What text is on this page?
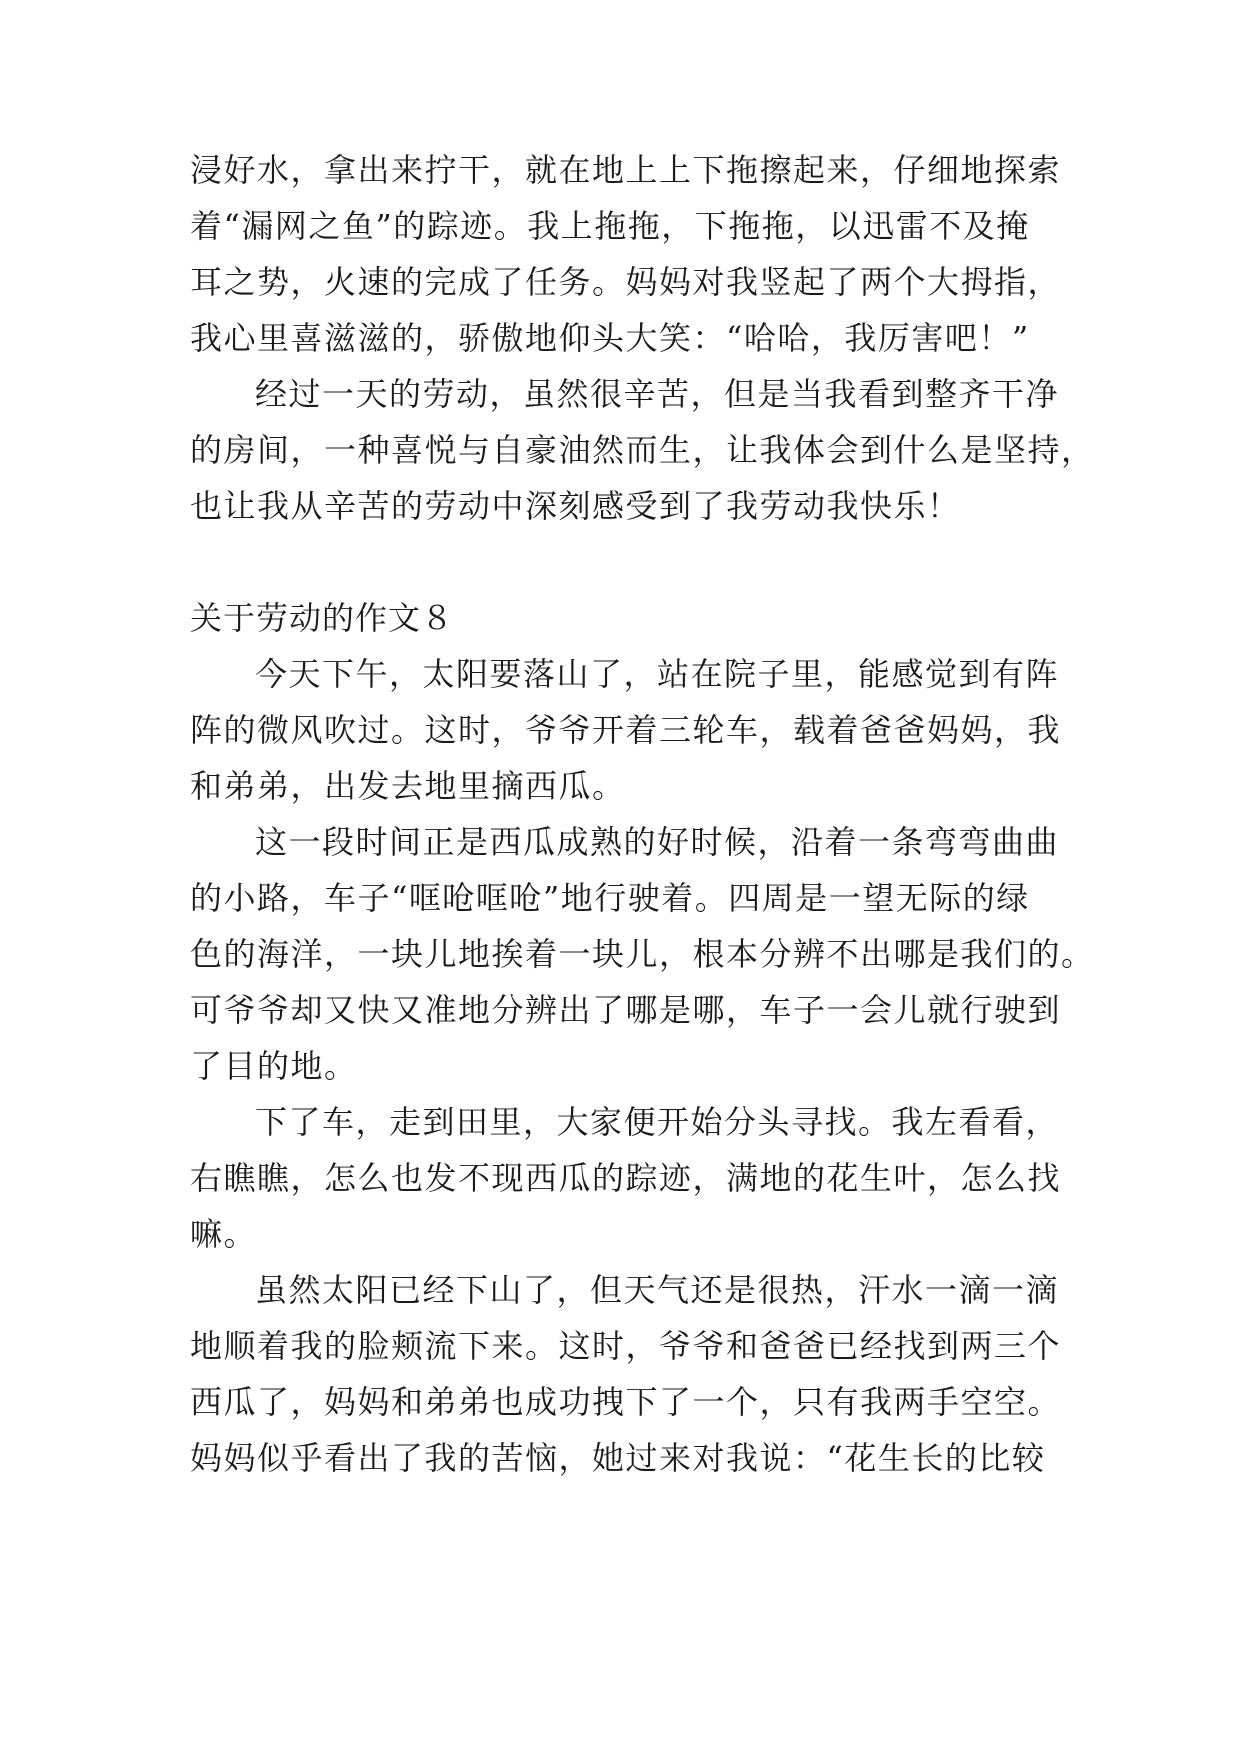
浸好水，拿出来拧干，就在地上上下拖擦起来，仔细地探索
着“漏网之鱼”的踪迹。我上拖拖，下拖拖，以迅雷不及掩
耳之势，火速的完成了任务。妈妈对我竖起了两个大拇指，
我心里喜滋滋的，骄傲地仰头大笑：“哈哈，我厉害吧！”
经过一天的劳动，虽然很辛苦，但是当我看到整齐干净
的房间，一种喜悦与自豪油然而生，让我体会到什么是坚持，
也让我从辛苦的劳动中深刻感受到了我劳动我快乐！
关于劳动的作文８
今天下午，太阳要落山了，站在院子里，能感觉到有阵
阵的微风吹过。这时，爷爷开着三轮车，载着爸爸妈妈，我
和弟弟，出发去地里摘西瓜。
这一段时间正是西瓜成熟的好时候，沿着一条弯弯曲曲
的小路，车子“哐呛哐呛”地行驶着。四周是一望无际的绿
色的海洋，一块儿地挨着一块儿，根本分辨不出哪是我们的。
可爷爷却又快又准地分辨出了哪是哪，车子一会儿就行驶到
了目的地。
下了车，走到田里，大家便开始分头寻找。我左看看，
右瞧瞧，怎么也发不现西瓜的踪迹，满地的花生叶，怎么找
嘛。
虽然太阳已经下山了，但天气还是很热，汗水一滴一滴
地顺着我的脸颊流下来。这时，爷爷和爸爸已经找到两三个
西瓜了，妈妈和弟弟也成功拽下了一个，只有我两手空空。
妈妈似乎看出了我的苦恼，她过来对我说：“花生长的比较
